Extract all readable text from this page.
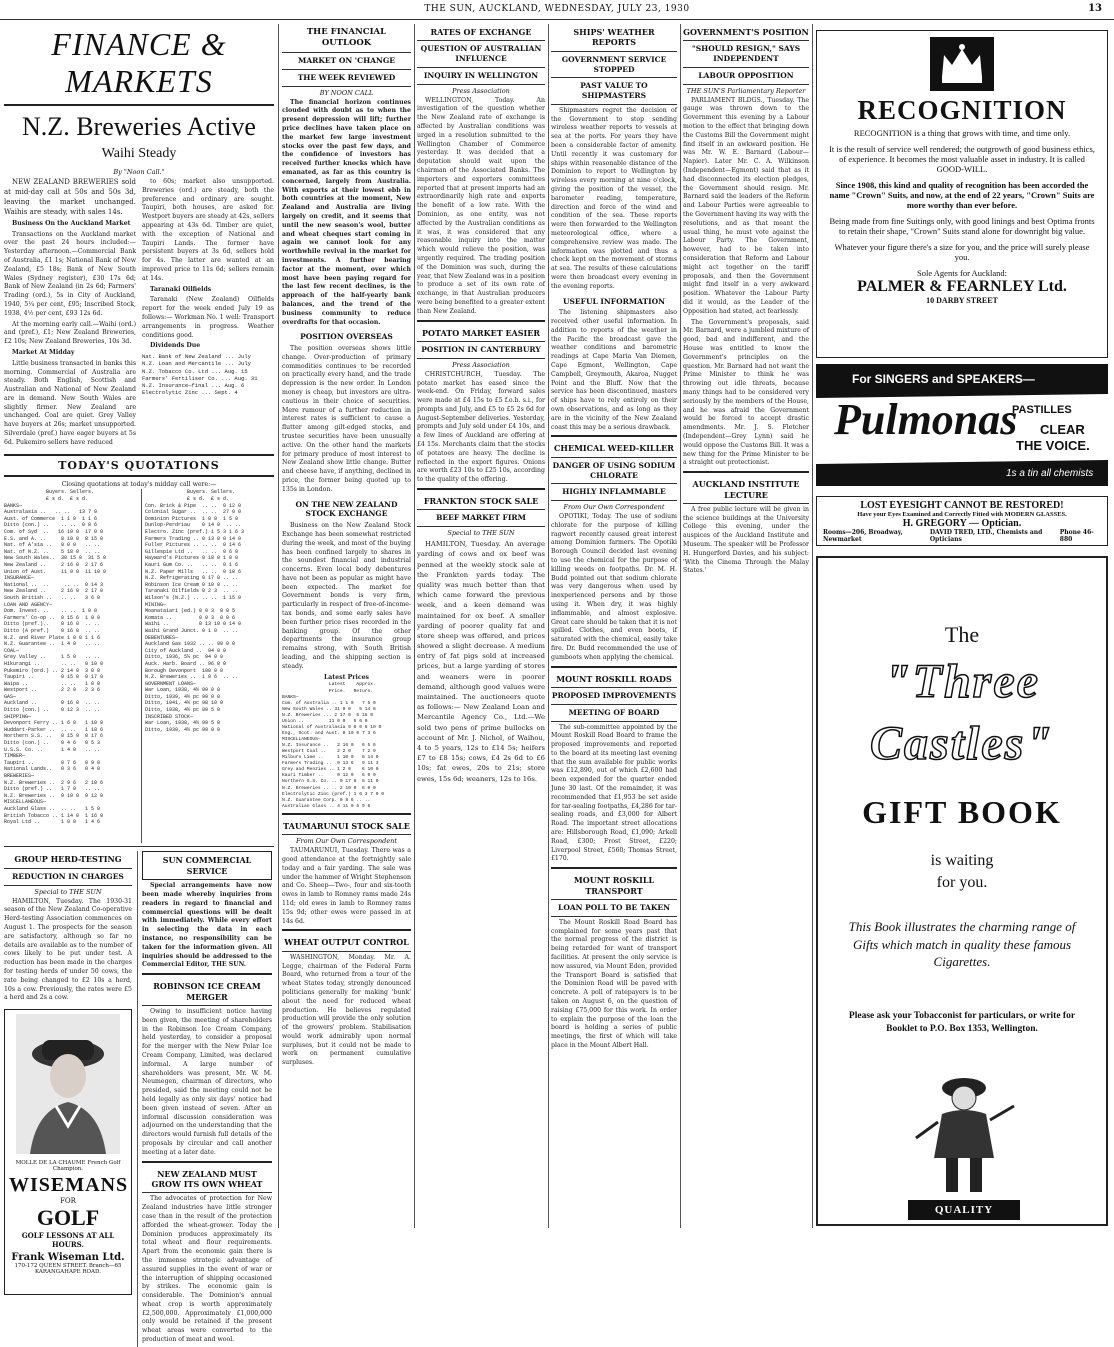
THE SUN, AUCKLAND, WEDNESDAY, JULY 23, 1930	13
FINANCE & MARKETS
N.Z. Breweries Active
Waihi Steady
By "Noon Call."

NEW ZEALAND BREWERIES sold at mid-day call at 50s and 50s 3d, leaving the market unchanged. Waihis are steady, with sales 14s.

Business On the Auckland Market

Transactions on the Auckland market over the past 24 hours included:— Yesterday afternoon.—Commercial Bank of Australia, £1 1s; National Bank of New Zealand, £5 18s; Bank of New South Wales (Sydney register), £30 17s 6d; Bank of New Zealand (in 2s 6d; Farmers' Trading (ord.), 5s in City of Auckland, 1940, 5¼ per cent, £95; Inscribed Stock, 1938, 4½ per cent, £93 12s 6d.

At the morning early call.—Waihi (ord.) and (pref.), £1; New Zealand Breweries, £2 10s; New Zealand Breweries, 10s 3d.

Market At Midday

Little business transacted in banks this morning. Commercial of Australia are steady. Both English, Scottish and Australian and National of New Zealand are in demand. New South Wales are slightly firmer. New Zealand are unchanged. Coal are quiet. Grey Valley have buyers at 26s; market unsupported. Silverdale (pref.) have eager buyers at 5s 6d. Pukemiro sellers have reduced

to 60s; market also unsupported. Breweries (ord.) are steady, both the preference and ordinary are sought. Taupiri, both houses, are asked for. Westport buyers are steady at 42s, sellers appearing at 43s 6d. Timber are quiet, with the exception of National and Taupiri Lands. The former have persistent buyers at 3s 6d, sellers hold for 4s. The latter are wanted at an improved price to 11s 6d; sellers remain at 14s.

Taranaki Oilfields

Taranaki (New Zealand) Oilfields report for the week ended July 19 as follows:— Workman No. 1 well: Transport arrangements in progress. Weather conditions good.

Dividends Due

Nat. Bank of New Zealand ... July
N.Z. Loan and Mercantile ... July
N.Z. Tobacco Co. Ltd ... Aug. 15
Farmers' Fertiliser Co. ... Aug. 31
N.Z. Insurance—final ... Aug. 6
Electrolytic Zinc ... Sept. 4
TODAY'S QUOTATIONS
Closing quotations at today's midday call were:—
Buyers. Sellers.
£ s d.  £ s d.
BANKS—
Australasia ..   .. ..   13 7 0
Aust. of Commerce  1 1 0  1 1 6
Ditto (con.) ..    .. ..  0 8 6
Com. of Syd  ..   16 10 0  17 0 0
E.S. and A. ..     8 10 0  8 15 0
Nat. of A'sia ..   9 0 0   .. ..
Nat. of N.Z. ..    5 18 0  .. ..
New South Wales..  30 15 0  31 5 0
New Zealand ..     2 16 0  2 17 6
Union of Aust.     11 0 0  11 10 0
INSURANCE—
National ..  ..     .. ..  0 14 3
New Zealand ..     2 16 0  2 17 0
South British ..   .. ..   3 6 0
LOAN AND AGENCY—
Dom. Invest. ..    .. ..  1 0 0
Farmers' Co-op ..  0 15 6  1 0 0
Ditto (pref.)..    0 16 0  .. ..
Ditto (A pref.)    0 16 0  .. ..
N.Z. and River Plate 1 0 0 1 1 6
N.Z. Guarantee ..  1 4 0   .. ..
COAL—
Grey Valley ..     1 5 0   .. ..
Hikurangi ..       .. ..   0 10 0
Pukemiro (ord.) .. 2 14 0  3 0 0
Taupiri ..         0 15 0  0 17 0
Waipa ..           .. ..   1 0 0
Westport ..        2 2 0   2 3 6
GAS—
Auckland ..        0 16 0  .. ..
Ditto (con.) ..    0 12 3  .. ..
SHIPPING—
Devonport Ferry .. 1 6 0   1 10 0
Huddart-Parker ..  .. ..   1 18 6
Northern S.S. ..   0 15 9  0 17 6
Ditto (con.) ..    0 4 6   0 5 3
U.S.S. Co. ..      1 4 0   .. ..
TIMBER—
Taupiri ..         0 7 6   0 9 0
National Lands..   0 3 6   0 4 0
BREWERIES—
N.Z. Breweries ..  2 9 6   2 10 6
Ditto (pref.) ..   1 7 0   .. ..
N.Z. Breweries ..  0 10 0  0 12 0
MISCELLANEOUS—
Auckland Glass ..  .. ..   1 5 0
British Tobacco .. 1 14 0  1 16 0
Royal Ltd ..       1 0 0   1 4 6
Buyers. Sellers.
£ s d.  £ s d.
Con. Brick & Pipe  .. ..  0 12 0
Colonial Sugar ..  .. ..  27 0 0
Dominion Pictures  1 0 0  1 5 0
Dunlop-Perdriau    0 14 0  .. ..
Electro. Zinc (pref.) 1 5 3 1 6 3
Farmers Trading .. 0 13 0 0 14 0
Fuller Pictures .. .. ..  0 14 6
Gillespie Ltd ..   .. ..  0 6 0
Hayward's Pictures 0 18 0 1 0 0
Kauri Gum Co. ..   .. ..  0 1 6
N.Z. Paper Mills   .. ..  0 18 6
N.Z. Refrigerating 0 17 0 .. ..
Robinson Ice Cream 0 10 0 .. ..
Taranaki Oilfields 0 2 3  .. ..
Wilson's (N.Z.) .. .. ..  1 15 0
MINING—
Moanataiari (ed.) 0 0 3  0 0 5
Komata ..         0 0 3  0 0 6
Waihi ..          0 13 10 0 14 0
Waihi Grand Junct. 0 1 0  .. ..
DEBENTURES—
Auckland Gas 1932 .. .. 99 0 0
City of Auckland ..  94 0 0
Ditto, 1936, 5¼ pc  94 0 0
Auck. Harb. Board .. 96 0 0
Borough Devonport  100 0 0
N.Z. Breweries ..  1 0 6  .. ..
GOVERNMENT LOANS—
War Loan, 1938, 4½ 99 0 0
Ditto, 1939, 4½ pc 99 0 0
Ditto, 1941, 4½ pc 98 10 0
Ditto, 1938, 4½ pc 99 5 0
INSCRIBED STOCK—
War Loan, 1938, 4½ 99 5 0
Ditto, 1939, 4½ pc 99 0 0
GROUP HERD-TESTING
REDUCTION IN CHARGES
Special to THE SUN

HAMILTON, Tuesday. The 1930-31 season of the New Zealand Co-operative Herd-testing Association commences on August 1. The prospects for the season are satisfactory, although so far no details are available as to the number of cows likely to be put under test. A reduction has been made in the charges for testing herds of under 50 cows, the rate being changed to £2 10s a herd, 10s a cow. Previously, the rates were £5 a herd and 2s a cow.

MOLLE DE LA CHAUME French Golf Champion.
WISEMANS
FOR
GOLF
GOLF LESSONS AT ALL HOURS.
Frank Wiseman Ltd.
170-172 QUEEN STREET. Branch—65 KARANGAHAPE ROAD.
SUN COMMERCIAL SERVICE

Special arrangements have now been made whereby inquiries from readers in regard to financial and commercial questions will be dealt with immediately. While every effort in selecting the data in each instance, no responsibility can be taken for the information given. All inquiries should be addressed to the Commercial Editor, THE SUN.

ROBINSON ICE CREAM MERGER

Owing to insufficient notice having been given, the meeting of shareholders in the Robinson Ice Cream Company, held yesterday, to consider a proposal for the merger with the New Polar Ice Cream Company, Limited, was declared informal. A large number of shareholders was present, Mr. W. M. Neumegen, chairman of directors, who presided, said the meeting could not be held legally as only six days' notice had been given instead of seven. After an informal discussion consideration was adjourned on the understanding that the directors would furnish full details of the proposals by circular and call another meeting at a later date.

NEW ZEALAND MUST GROW ITS OWN WHEAT

The advocates of protection for New Zealand industries have little stronger case than in the result of the protection afforded the wheat-grower. Today the Dominion produces approximately its total wheat and flour requirements. Apart from the economic gain there is the immense strategic advantage of assured supplies in the event of war or the interruption of shipping occasioned by strikes. The economic gain is considerable. The Dominion's annual wheat crop is worth approximately £2,500,000. Approximately £1,000,000 only would be retained if the present wheat areas were converted to the production of meat and wool.

THE FINANCIAL OUTLOOK
MARKET ON 'CHANGE
THE WEEK REVIEWED
BY NOON CALL

The financial horizon continues clouded with doubt as to when the present depression will lift; further price declines have taken place on the market few large investment stocks over the past few days, and the confidence of investors has received further knocks which have emanated, as far as this country is concerned, largely from Australia. With exports at their lowest ebb in both countries at the moment, New Zealand and Australia are living largely on credit, and it seems that until the new season's wool, butter and wheat cheques start coming in again we cannot look for any worthwhile revival in the market for investments. A further bearing factor at the moment, over which most have been paying regard for the last few recent declines, is the approach of the half-yearly bank balances, and the trend of the business community to reduce overdrafts for that occasion.

POSITION OVERSEAS

The position overseas shows little change. Over-production of primary commodities continues to be recorded on practically every hand, and the trade depression is the new order. In London money is cheap, but investors are ultra-cautious in their choice of securities. Mere rumour of a further reduction in interest rates is sufficient to cause a flutter among gilt-edged stocks, and trustee securities have been unusually active. On the other hand the markets for primary produce of most interest to New Zealand show little change. Butter and cheese have, if anything, declined in price, the former being quoted up to 135s in London.

ON THE NEW ZEALAND STOCK EXCHANGE

Business on the New Zealand Stock Exchange has been somewhat restricted during the week, and most of the buying has been confined largely to shares in the soundest financial and industrial concerns. Even local body debentures have not been as popular as might have been expected. The market for Government bonds is very firm, particularly in respect of free-of-income-tax bonds, and some early sales have been further price rises recorded in the banking group. Of the other departments the insurance group remains strong, with South British leading, and the shipping section is steady.

Latest Prices
Latest    Approx.
Price.   Return.
BANKS—
Com. of Australia .. 1 1 0   7 5 0
New South Wales .. 31 0 0   5 14 8
N.Z. Breweries ... 2 17 0  5 15 0
Union ..         11 0 0   5 6 0
National of Australasia 9 0 0 6 10 0
Eng., Scot. and Aust. 8 10 0 7 3 6
MISCELLANEOUS—
N.Z. Insurance ..   2 16 0   6 5 6
Westport Coal ..    2 2 0    7 2 9
Milburn Lime ..     1 10 0   6 14 0
Farmers Trading ..  0 13 6   9 11 3
Grey and Menzies .. 1 2 0    6 10 0
Kauri Timber ..     0 12 0   6 0 0
Northern S.S. Co. .. 0 17 6  8 11 0
N.Z. Breweries .. .. 2 10 0  6 0 0
Electrolytic Zinc (pref.) 1 6 3 7 0 0
N.Z. Guarantee Corp. 0 8 6 .. ..
Australian Glass .. 4 11 0 5 9 6
TAUMARUNUI STOCK SALE
From Our Own Correspondent

TAUMARUNUI, Tuesday. There was a good attendance at the fortnightly sale today and a fair yarding. The sale was under the hammer of Wright Stephenson and Co. Sheep—Two-, four and six-tooth ewes in lamb to Romney rams made 24s 11d; old ewes in lamb to Romney rams 15s 9d; other ewes were passed in at 14s 6d.

WHEAT OUTPUT CONTROL

WASHINGTON, Monday. Mr. A. Legge, chairman of the Federal Farm Board, who returned from a tour of the wheat States today, strongly denounced politicians generally for making 'bunk' about the need for reduced wheat production. He believes regulated production will provide the only solution of the growers' problem. Stabilisation would work admirably upon normal surpluses, but it could not be made to work on permanent cumulative surpluses.

RATES OF EXCHANGE
QUESTION OF AUSTRALIAN INFLUENCE
INQUIRY IN WELLINGTON
Press Association

WELLINGTON, Today. An investigation of the question whether the New Zealand rate of exchange is affected by Australian conditions was urged in a resolution submitted to the Wellington Chamber of Commerce yesterday. It was decided that a deputation should wait upon the chairman of the Associated Banks. The importers and exporters committees reported that at present imports had an extraordinarily high rate and exports the benefit of a low rate. With the Dominion, as one entity, was not affected by the Australian conditions as it was, it was considered that any reasonable inquiry into the matter which would relieve the position, was urgently required. The trading position of the Dominion was such, during the year, that New Zealand was in a position to produce a set of its own rate of exchange, in that Australian producers were being benefited to a greater extent than New Zealand.

POTATO MARKET EASIER
POSITION IN CANTERBURY
Press Association

CHRISTCHURCH, Tuesday. The potato market has eased since the week-end. On Friday, forward sales were made at £4 15s to £5 f.o.b. s.i., for prompts and July, and £5 to £5 2s 6d for August-September deliveries. Yesterday, prompts and July sold under £4 10s, and a few lines of Auckland are offering at £4 15s. Merchants claim that the stocks of potatoes are heavy. The decline is reflected in the export figures. Onions are worth £23 10s to £25 10s, according to the quality of the offering.

FRANKTON STOCK SALE
BEEF MARKET FIRM
Special to THE SUN

HAMILTON, Tuesday. An average yarding of cows and ox beef was penned at the weekly stock sale at the Frankton yards today. The quality was much better than that which came forward the previous week, and a keen demand was maintained for ox beef. A smaller yarding of poorer quality fat and store sheep was offered, and prices showed a slight decrease. A medium entry of fat pigs sold at increased prices, but a large yarding of stores and weaners were in poorer demand, although good values were maintained. The auctioneers quote as follows:— New Zealand Loan and Mercantile Agency Co., Ltd.—We sold two pens of prime bullocks on account of Mr. J. Nichol, of Waihou, 4 to 5 years, 12s to £14 5s; heifers £7 to £8 15s; cows, £4 2s 6d to £6 10s; fat ewes, 20s to 21s; store ewes, 15s 6d; weaners, 12s to 16s.

SHIPS' WEATHER REPORTS
GOVERNMENT SERVICE STOPPED
PAST VALUE TO SHIPMASTERS

Shipmasters regret the decision of the Government to stop sending wireless weather reports to vessels at sea at the ports. For years they have been a considerable factor of amenity. Until recently it was customary for ships within reasonable distance of the Dominion to report to Wellington by wireless every morning at nine o'clock, giving the position of the vessel, the barometer reading, temperature, direction and force of the wind and condition of the sea. These reports were then forwarded to the Wellington meteorological office, where a comprehensive review was made. The information was plotted and thus a check kept on the movement of storms at sea. The results of these calculations were then broadcast every evening in the evening reports.

USEFUL INFORMATION

The listening shipmasters also received other useful information. In addition to reports of the weather in the Pacific the broadcast gave the weather conditions and barometric readings at Cape Maria Van Diemen, Cape Egmont, Wellington, Cape Campbell, Greymouth, Akaroa, Nugget Point and the Bluff. Now that the service has been discontinued, masters of ships have to rely entirely on their own observations, and as long as they are in the vicinity of the New Zealand coast this may be a serious drawback.

CHEMICAL WEED-KILLER
DANGER OF USING SODIUM CHLORATE
HIGHLY INFLAMMABLE
From Our Own Correspondent

OPOTIKI, Today. The use of sodium chlorate for the purpose of killing ragwort recently caused great interest among Dominion farmers. The Opotiki Borough Council decided last evening to use the chemical for the purpose of killing weeds on footpaths. Dr. M. H. Budd pointed out that sodium chlorate was very dangerous when used by inexperienced persons and by those using it. When dry, it was highly inflammable, and almost explosive. Great care should be taken that it is not spilled. Clothes, and even boots, if saturated with the chemical, easily take fire. Dr. Budd recommended the use of gumboots when applying the chemical.

MOUNT ROSKILL ROADS
PROPOSED IMPROVEMENTS
MEETING OF BOARD

The sub-committee appointed by the Mount Roskill Road Board to frame the proposed improvements and reported to the board at its meeting last evening that the sum available for public works was £12,890, out of which £2,600 had been expended for the quarter ended June 30 last. Of the remainder, it was recommended that £1,953 be set aside for tar-sealing footpaths, £4,286 for tar-sealing roads, and £3,000 for Albert Road. The important street allocations are: Hillsborough Road, £1,090; Arkell Road, £300; Frost Street, £220; Liverpool Street, £560; Thomas Street, £170.

MOUNT ROSKILL TRANSPORT
LOAN POLL TO BE TAKEN

The Mount Roskill Road Board has complained for some years past that the normal progress of the district is being retarded for want of transport facilities. At present the only service is now assured, via Mount Eden, provided the Transport Board is satisfied that the Dominion Road will be paved with concrete. A poll of ratepayers is to be taken on August 6, on the question of raising £75,000 for this work. In order to explain the purpose of the loan the board is holding a series of public meetings, the first of which will take place in the Mount Albert Hall.

GOVERNMENT'S POSITION
"SHOULD RESIGN," SAYS INDEPENDENT
LABOUR OPPOSITION
THE SUN'S Parliamentary Reporter

PARLIAMENT BLDGS., Tuesday. The gauge was thrown down to the Government this evening by a Labour motion to the effect that bringing down the Customs Bill the Government might find itself in an awkward position. He was Mr. W. E. Barnard (Labour—Napier). Later Mr. C. A. Wilkinson (Independent—Egmont) said that as it had disconnected its election pledges, the Government should resign. Mr. Barnard said the leaders of the Reform and Labour Parties were agreeable to the Government having its way with the resolutions, and as that meant the usual thing, he must vote against the Labour Party. The Government, however, had to be taken into consideration that Reform and Labour might act together on the tariff proposals, and then the Government might find itself in a very awkward position. Whatever the Labour Party did it would, as the Leader of the Opposition had stated, act fearlessly.

The Government's proposals, said Mr. Barnard, were a jumbled mixture of good, bad and indifferent, and the House was entitled to know the Government's principles on the question. Mr. Barnard had not want the Prime Minister to think he was throwing out idle threats, because many things had to be considered very seriously by the members of the House, and he was afraid the Government would be forced to accept drastic amendments. Mr. J. S. Fletcher (Independent—Grey Lynn) said he would oppose the Customs Bill. It was a new thing for the Prime Minister to be a straight out protectionist.

AUCKLAND INSTITUTE LECTURE

A free public lecture will be given in the science buildings at the University College this evening, under the auspices of the Auckland Institute and Museum. The speaker will be Professor H. Hungerford Davies, and his subject: 'With the Cinema Through the Malay States.'

RECOGNITION
RECOGNITION is a thing that grows with time, and time only.
It is the result of service well rendered; the outgrowth of good business ethics, of experience. It becomes the most valuable asset in industry. It is called GOOD-WILL.
Since 1908, this kind and quality of recognition has been accorded the name "Crown" Suits, and now, at the end of 22 years, "Crown" Suits are more worthy than ever before.
Being made from fine Suitings only, with good linings and best Optima fronts to retain their shape, "Crown" Suits stand alone for downright big value.
Whatever your figure there's a size for you, and the price will surely please you.
Sole Agents for Auckland:
PALMER & FEARNLEY Ltd.
10 DARBY STREET
For SINGERS and SPEAKERS—
Pulmonas
PASTILLES
CLEAR
THE VOICE.
1s a tin all chemists
LOST EYESIGHT CANNOT BE RESTORED!
Have your Eyes Examined and Correctly Fitted with MODERN GLASSES.
H. GREGORY — Optician.
Rooms—206, Broadway, Newmarket
DAVID TRED, LTD., Chemists and Opticians
Phone 46-880
The
"Three
Castles"
GIFT BOOK
is waiting
for you.
This Book illustrates the charming range of Gifts which match in quality these famous Cigarettes.
Please ask your Tobacconist for particulars, or write for Booklet to P.O. Box 1353, Wellington.
QUALITY
